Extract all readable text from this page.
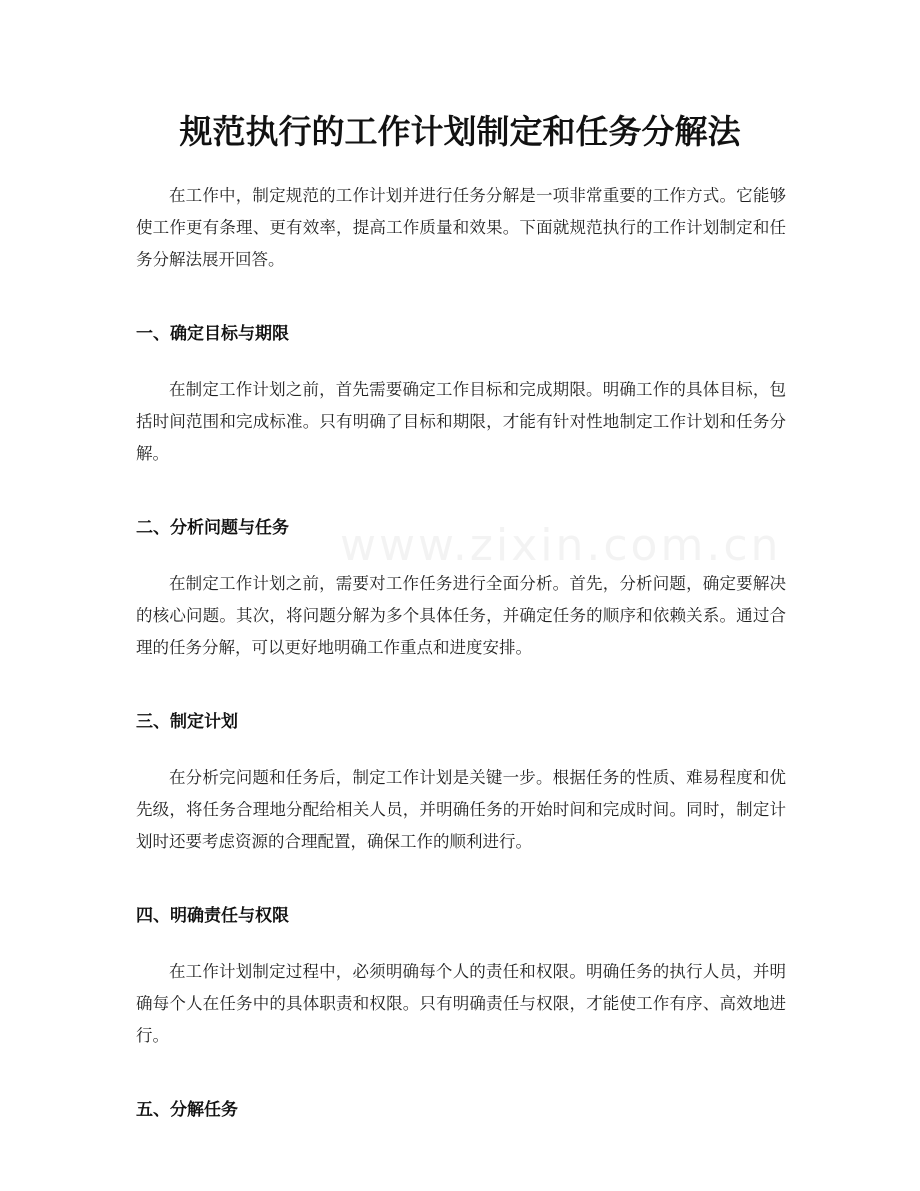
规范执行的工作计划制定和任务分解法

在工作中，制定规范的工作计划并进行任务分解是一项非常重要的工作方式。它能够使工作更有条理、更有效率，提高工作质量和效果。下面就规范执行的工作计划制定和任务分解法展开回答。

一、确定目标与期限

在制定工作计划之前，首先需要确定工作目标和完成期限。明确工作的具体目标，包括时间范围和完成标准。只有明确了目标和期限，才能有针对性地制定工作计划和任务分解。

二、分析问题与任务

在制定工作计划之前，需要对工作任务进行全面分析。首先，分析问题，确定要解决的核心问题。其次，将问题分解为多个具体任务，并确定任务的顺序和依赖关系。通过合理的任务分解，可以更好地明确工作重点和进度安排。

三、制定计划

在分析完问题和任务后，制定工作计划是关键一步。根据任务的性质、难易程度和优先级，将任务合理地分配给相关人员，并明确任务的开始时间和完成时间。同时，制定计划时还要考虑资源的合理配置，确保工作的顺利进行。

四、明确责任与权限

在工作计划制定过程中，必须明确每个人的责任和权限。明确任务的执行人员，并明确每个人在任务中的具体职责和权限。只有明确责任与权限，才能使工作有序、高效地进行。

五、分解任务
www.zixin.com.cn
